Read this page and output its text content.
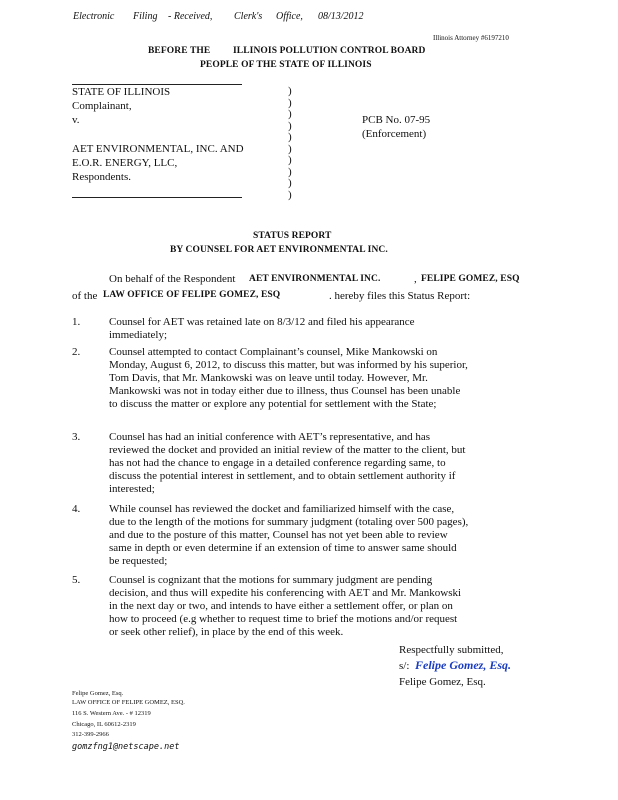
Electronic Filing - Received, Clerk's Office, 08/13/2012
Illinois Attorney #6197210
BEFORE THE ILLINOIS POLLUTION CONTROL BOARD
PEOPLE OF THE STATE OF ILLINOIS
STATE OF ILLINOIS
Complainant,
v.
AET ENVIRONMENTAL, INC. AND
E.O.R. ENERGY, LLC,
Respondents.
)
)
)
)
)
)
)
)
)
)
PCB No. 07-95
(Enforcement)
STATUS REPORT
BY COUNSEL FOR AET ENVIRONMENTAL INC.
On behalf of the Respondent AET ENVIRONMENTAL INC.	, FELIPE GOMEZ, ESQ
of the LAW OFFICE OF FELIPE GOMEZ, ESQ	. hereby files this Status Report:
1.	Counsel for AET was retained late on 8/3/12 and filed his appearance immediately;
2.	Counsel attempted to contact Complainant’s counsel, Mike Mankowski on Monday, August 6, 2012, to discuss this matter, but was informed by his superior, Tom Davis, that Mr. Mankowski was on leave until today. However, Mr. Mankowski was not in today either due to illness, thus Counsel has been unable to discuss the matter or explore any potential for settlement with the State;
3.	Counsel has had an initial conference with AET’s representative, and has reviewed the docket and provided an initial review of the matter to the client, but has not had the chance to engage in a detailed conference regarding same, to discuss the potential interest in settlement, and to obtain settlement authority if interested;
4.	While counsel has reviewed the docket and familiarized himself with the case, due to the length of the motions for summary judgment (totaling over 500 pages), and due to the posture of this matter, Counsel has not yet been able to review same in depth or even determine if an extension of time to answer same should be requested;
5.	Counsel is cognizant that the motions for summary judgment are pending decision, and thus will expedite his conferencing with AET and Mr. Mankowski in the next day or two, and intends to have either a settlement offer, or plan on how to proceed (e.g whether to request time to brief the motions and/or request or seek other relief), in place by the end of this week.
Respectfully submitted,
s/: Felipe Gomez, Esq.
Felipe Gomez, Esq.
Felipe Gomez, Esq.
LAW OFFICE OF FELIPE GOMEZ, ESQ.
116 S. Western Ave. - # 12319
Chicago, IL 60612-2319
312-399-2966
gomzfng1@netscape.net
